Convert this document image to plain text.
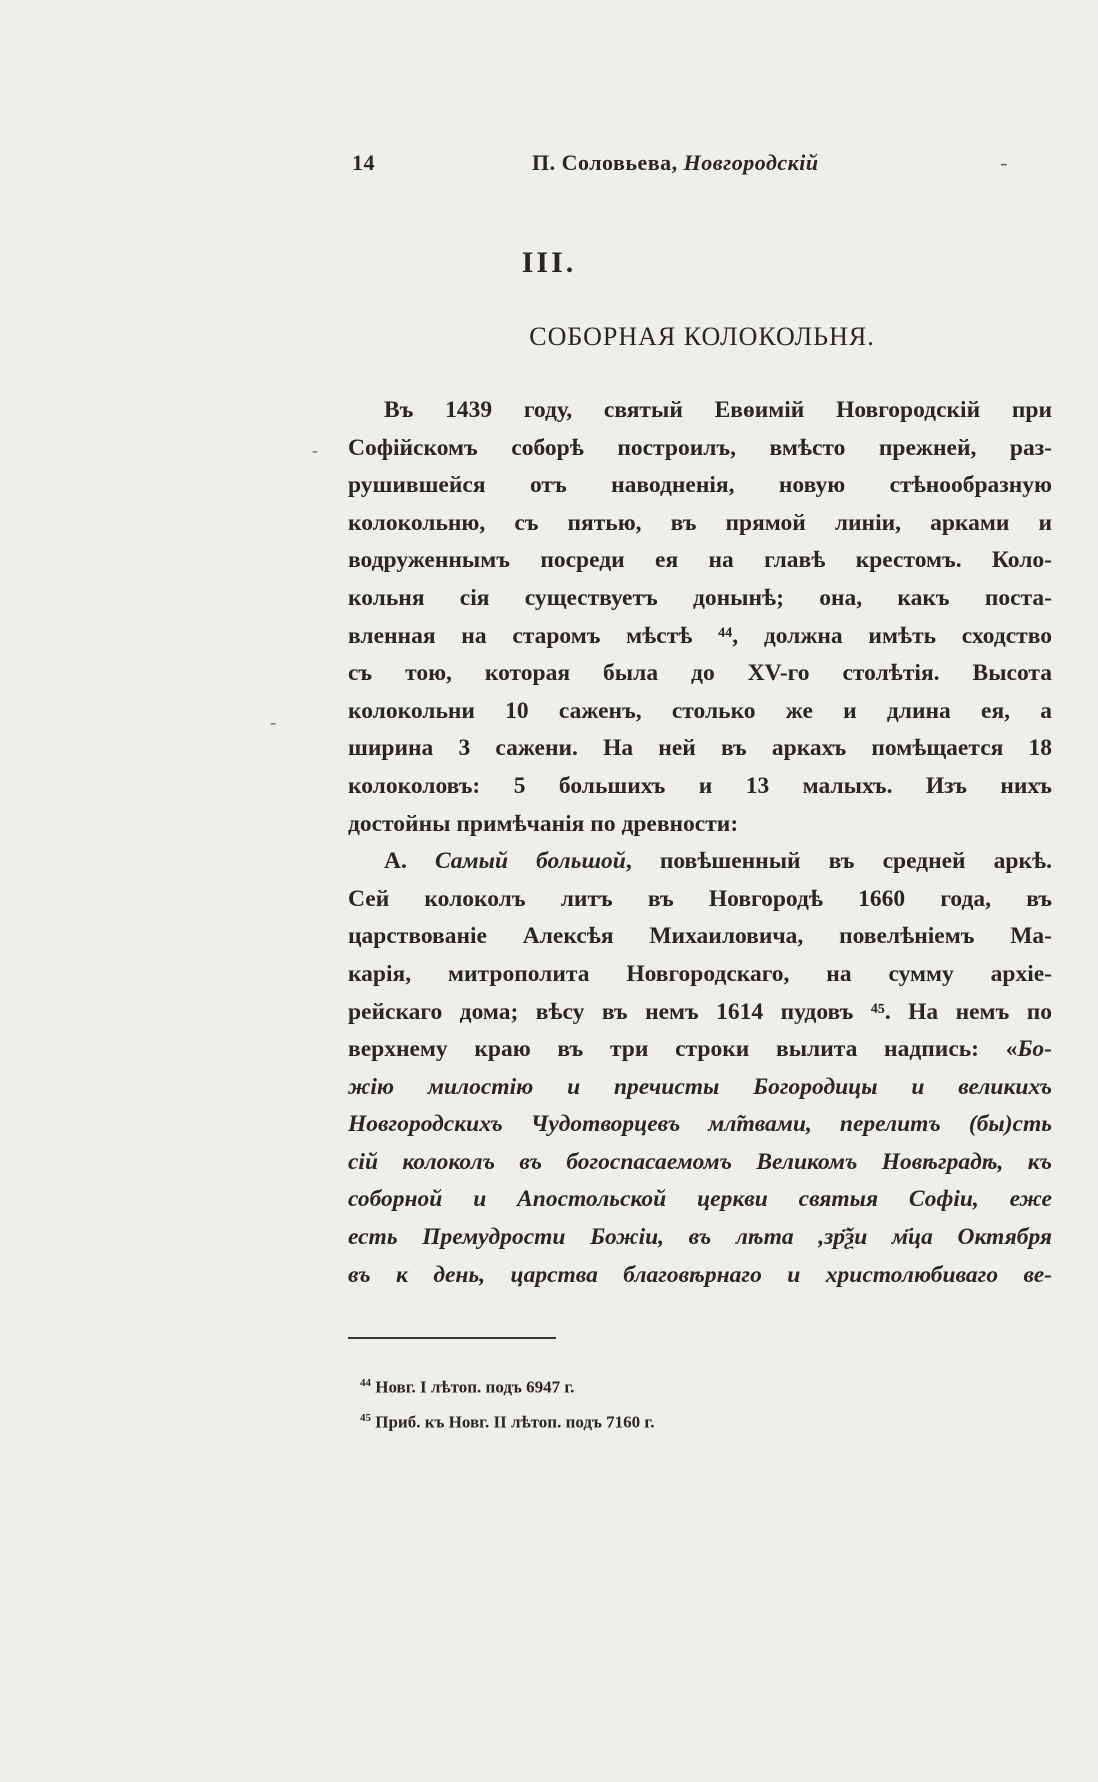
14	П. Соловьева, Новгородскій	-
III.
СОБОРНАЯ КОЛОКОЛЬНЯ.
-
-
Въ 1439 году, святый Евөимій Новгородскій при
Софійскомъ соборѣ построилъ, вмѣсто прежней, раз-
рушившейся отъ наводненія, новую стѣнообразную
колокольню, съ пятью, въ прямой линіи, арками и
водруженнымъ посреди ея на главѣ крестомъ. Коло-
кольня сія существуетъ донынѣ; она, какъ поста-
вленная на старомъ мѣстѣ ⁴⁴, должна имѣть сходство
съ тою, которая была до XV-го столѣтія. Высота
колокольни 10 саженъ, столько же и длина ея, а
ширина 3 сажени. На ней въ аркахъ помѣщается 18
колоколовъ: 5 большихъ и 13 малыхъ. Изъ нихъ
достойны примѣчанія по древности:
А. Самый большой, повѣшенный въ средней аркѣ.
Сей колоколъ литъ въ Новгородѣ 1660 года, въ
царствованіе Алексѣя Михаиловича, повелѣніемъ Ма-
карія, митрополита Новгородскаго, на сумму архіе-
рейскаго дома; вѣсу въ немъ 1614 пудовъ ⁴⁵. На немъ по
верхнему краю въ три строки вылита надпись: «Бо-
жiю милостiю и пречисты Богородицы и великихъ
Новгородскихъ Чудотворцевъ мл̃твами, перелитъ (бы)сть
сiй колоколъ въ богоспасаемомъ Великомъ Новѣградѣ, къ
соборной и Апостольской церкви святыя Софiи, еже
есть Премудрости Божiи, въ лѣта ,зр҃ѯи м҃ца Октября
въ к день, царства благовѣрнаго и христолюбиваго ве-
$^{44}$ Новг. I лѣтоп. подъ 6947 г.
$^{45}$ Приб. къ Новг. II лѣтоп. подъ 7160 г.
